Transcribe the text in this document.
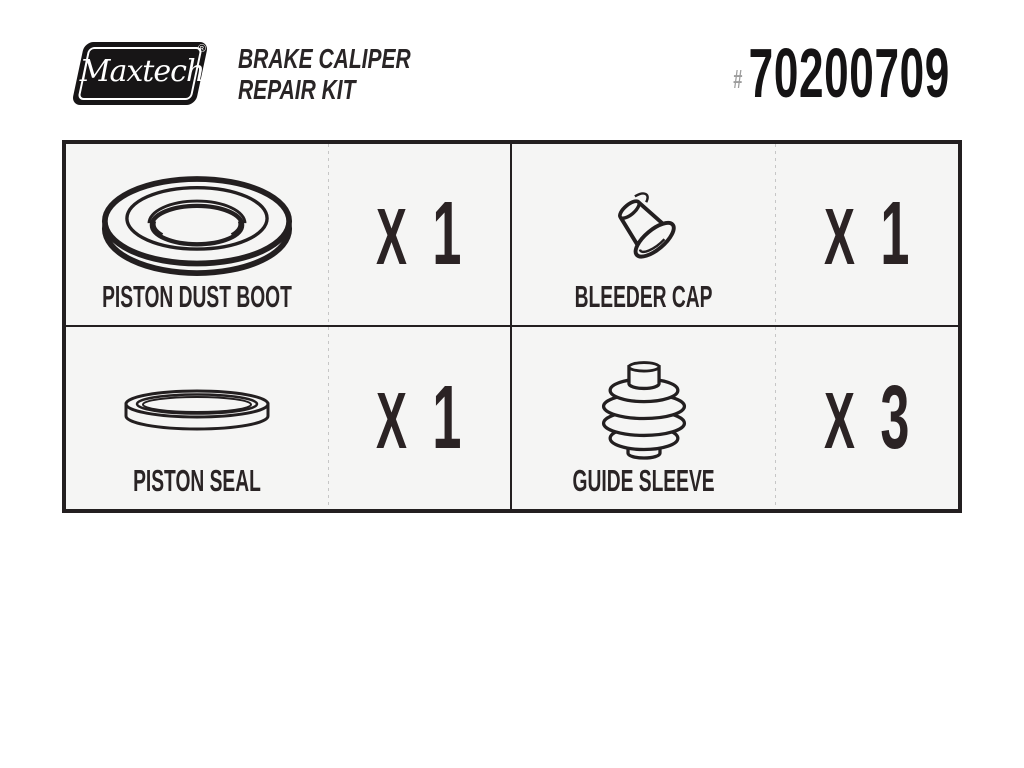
Maxtech
® BRAKE CALIPER
REPAIR KIT	# 70200709
PISTON DUST BOOT
X 1
BLEEDER CAP
X 1
PISTON SEAL
X 1
GUIDE SLEEVE
X 3
